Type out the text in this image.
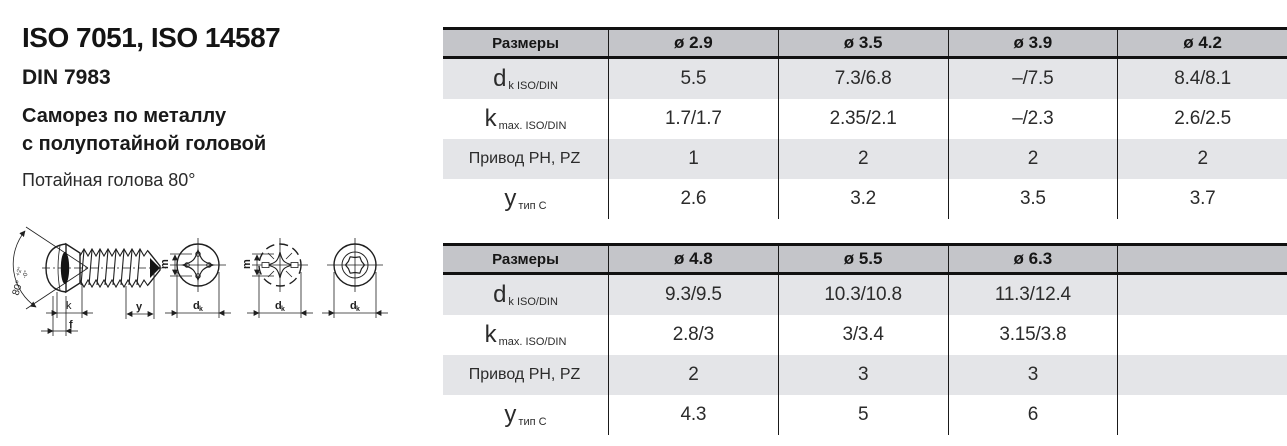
ISO 7051, ISO 14587
DIN 7983
Саморез по металлу
с полупотайной головой
Потайная голова 80°
80°
+2°
-0°
k
f
y
m
d k
m
d k	d k
Размеры	ø 2.9	ø 3.5	ø 3.9	ø 4.2
d k ISO/DIN	5.5	7.3/6.8	–/7.5	8.4/8.1
k max. ISO/DIN	1.7/1.7	2.35/2.1	–/2.3	2.6/2.5
Привод PH, PZ	1	2	2	2
y тип C	2.6	3.2	3.5	3.7
Размеры	ø 4.8	ø 5.5	ø 6.3
d k ISO/DIN	9.3/9.5	10.3/10.8	11.3/12.4
k max. ISO/DIN	2.8/3	3/3.4	3.15/3.8
Привод PH, PZ	2	3	3
y тип C	4.3	5	6
